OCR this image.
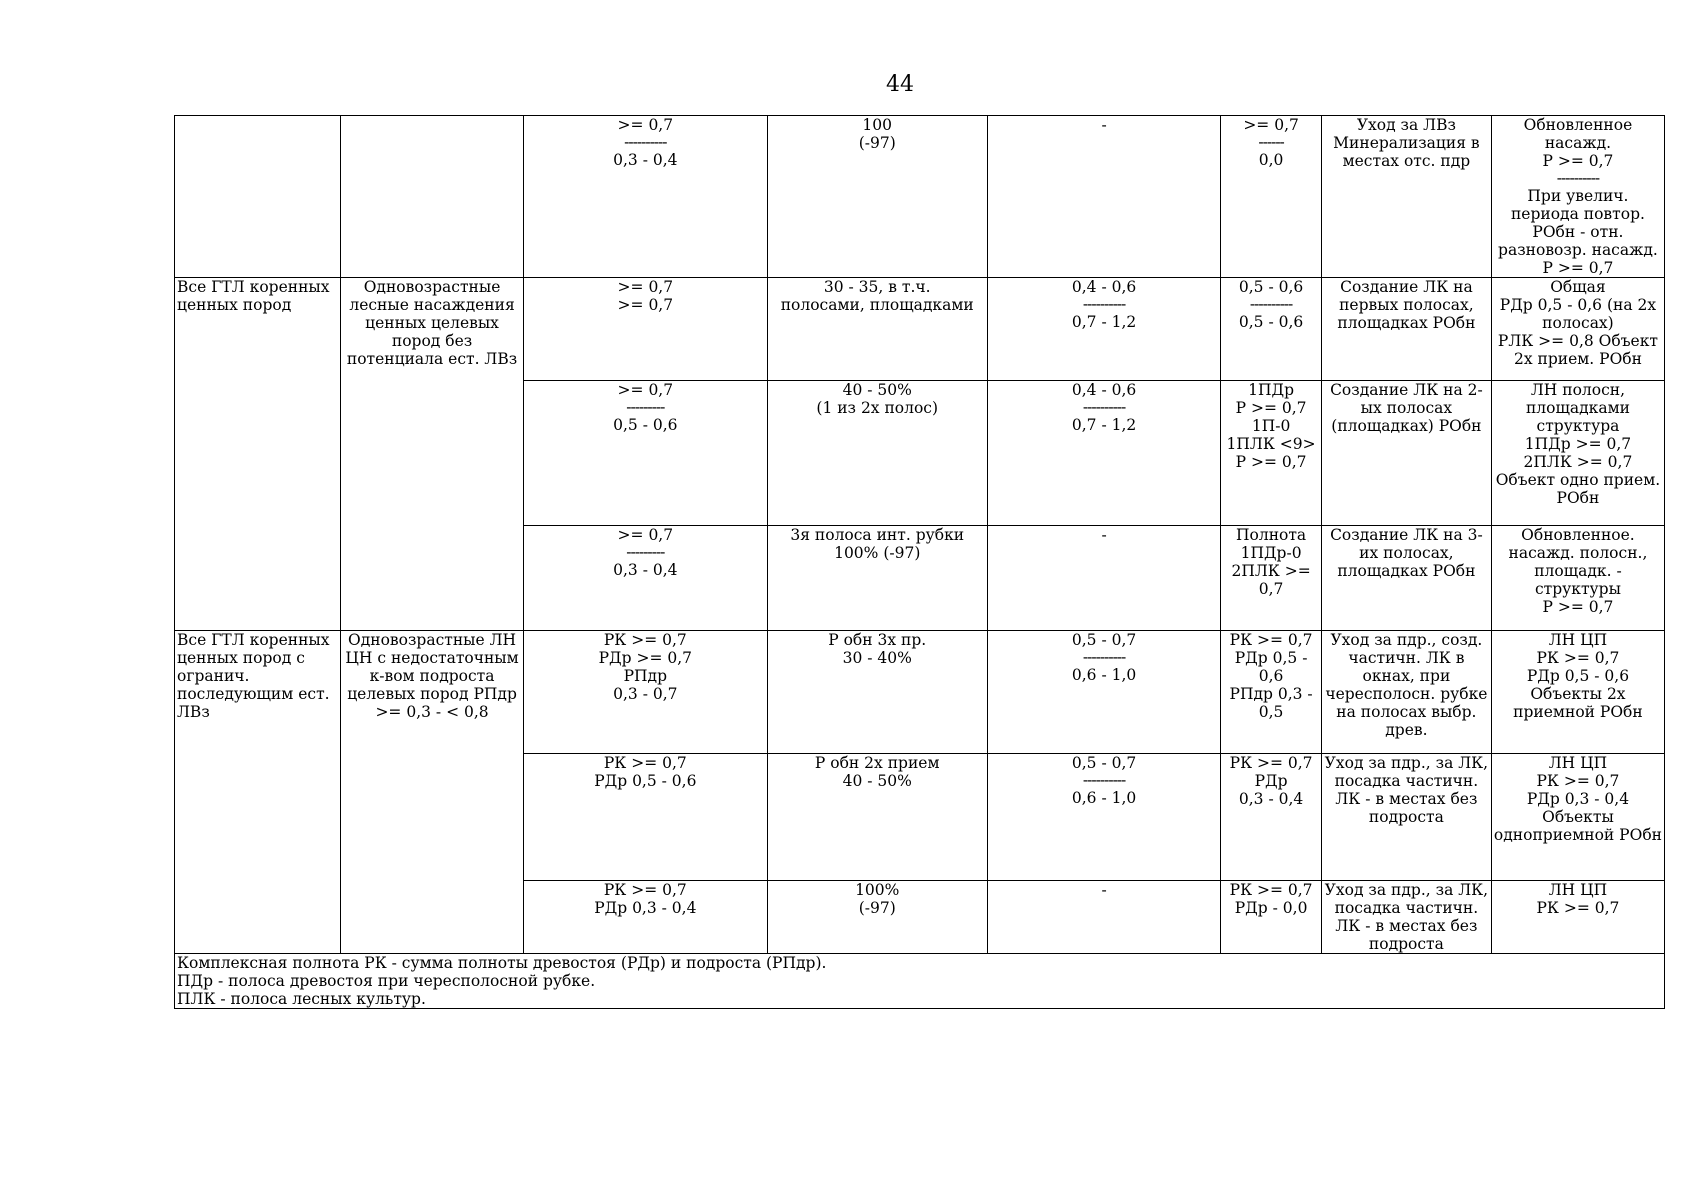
44

		>= 0,7
----------
0,3 - 0,4	100
(-97)	-	>= 0,7
------
0,0	Уход за ЛВз Минерализация в местах отс. пдр	Обновленное насажд.
Р >= 0,7
----------
При увелич. периода повтор. РОбн - отн. разновозр. насажд. Р >= 0,7

Все ГТЛ коренных ценных пород	Одновозрастные лесные насаждения ценных целевых пород без потенциала ест. ЛВз	>= 0,7
>= 0,7	30 - 35, в т.ч.
полосами, площадками	0,4 - 0,6
----------
0,7 - 1,2	0,5 - 0,6
----------
0,5 - 0,6	Создание ЛК на первых полосах, площадках РОбн	Общая
РДр 0,5 - 0,6 (на 2х полосах)
РЛК >= 0,8 Объект 2х прием. РОбн

		>= 0,7
---------
0,5 - 0,6	40 - 50%
(1 из 2х полос)	0,4 - 0,6
----------
0,7 - 1,2	1ПДр
Р >= 0,7
1П-0
1ПЛК <9>
Р >= 0,7	Создание ЛК на 2-ых полосах (площадках) РОбн	ЛН полосн, площадками структура
1ПДр >= 0,7
2ПЛК >= 0,7 Объект одно прием. РОбн

		>= 0,7
---------
0,3 - 0,4	3я полоса инт. рубки 100% (-97)	-	Полнота
1ПДр-0
2ПЛК >= 0,7	Создание ЛК на 3-их полосах, площадках РОбн	Обновленное. насажд. полосн., площадк. - структуры
Р >= 0,7

Все ГТЛ коренных ценных пород с огранич. последующим ест. ЛВз	Одновозрастные ЛН ЦН с недостаточным к-вом подроста целевых пород РПдр >= 0,3 - < 0,8	РК >= 0,7
РДр >= 0,7
РПдр
0,3 - 0,7	Р обн 3х пр.
30 - 40%	0,5 - 0,7
----------
0,6 - 1,0	РК >= 0,7
РДр 0,5 - 0,6
РПдр 0,3 - 0,5	Уход за пдр., созд. частичн. ЛК в окнах, при чересполосн. рубке на полосах выбр. древ.	ЛН ЦП
РК >= 0,7
РДр 0,5 - 0,6
Объекты 2х приемной РОбн

		РК >= 0,7
РДр 0,5 - 0,6	Р обн 2х прием
40 - 50%	0,5 - 0,7
----------
0,6 - 1,0	РК >= 0,7
РДр
0,3 - 0,4	Уход за пдр., за ЛК, посадка частичн. ЛК - в местах без подроста	ЛН ЦП
РК >= 0,7
РДр 0,3 - 0,4
Объекты одноприемной РОбн

		РК >= 0,7
РДр 0,3 - 0,4	100%
(-97)	-	РК >= 0,7
РДр - 0,0	Уход за пдр., за ЛК, посадка частичн. ЛК - в местах без подроста	ЛН ЦП
РК >= 0,7

Комплексная полнота РК - сумма полноты древостоя (РДр) и подроста (РПдр).
ПДр - полоса древостоя при чересполосной рубке.
ПЛК - полоса лесных культур.							
